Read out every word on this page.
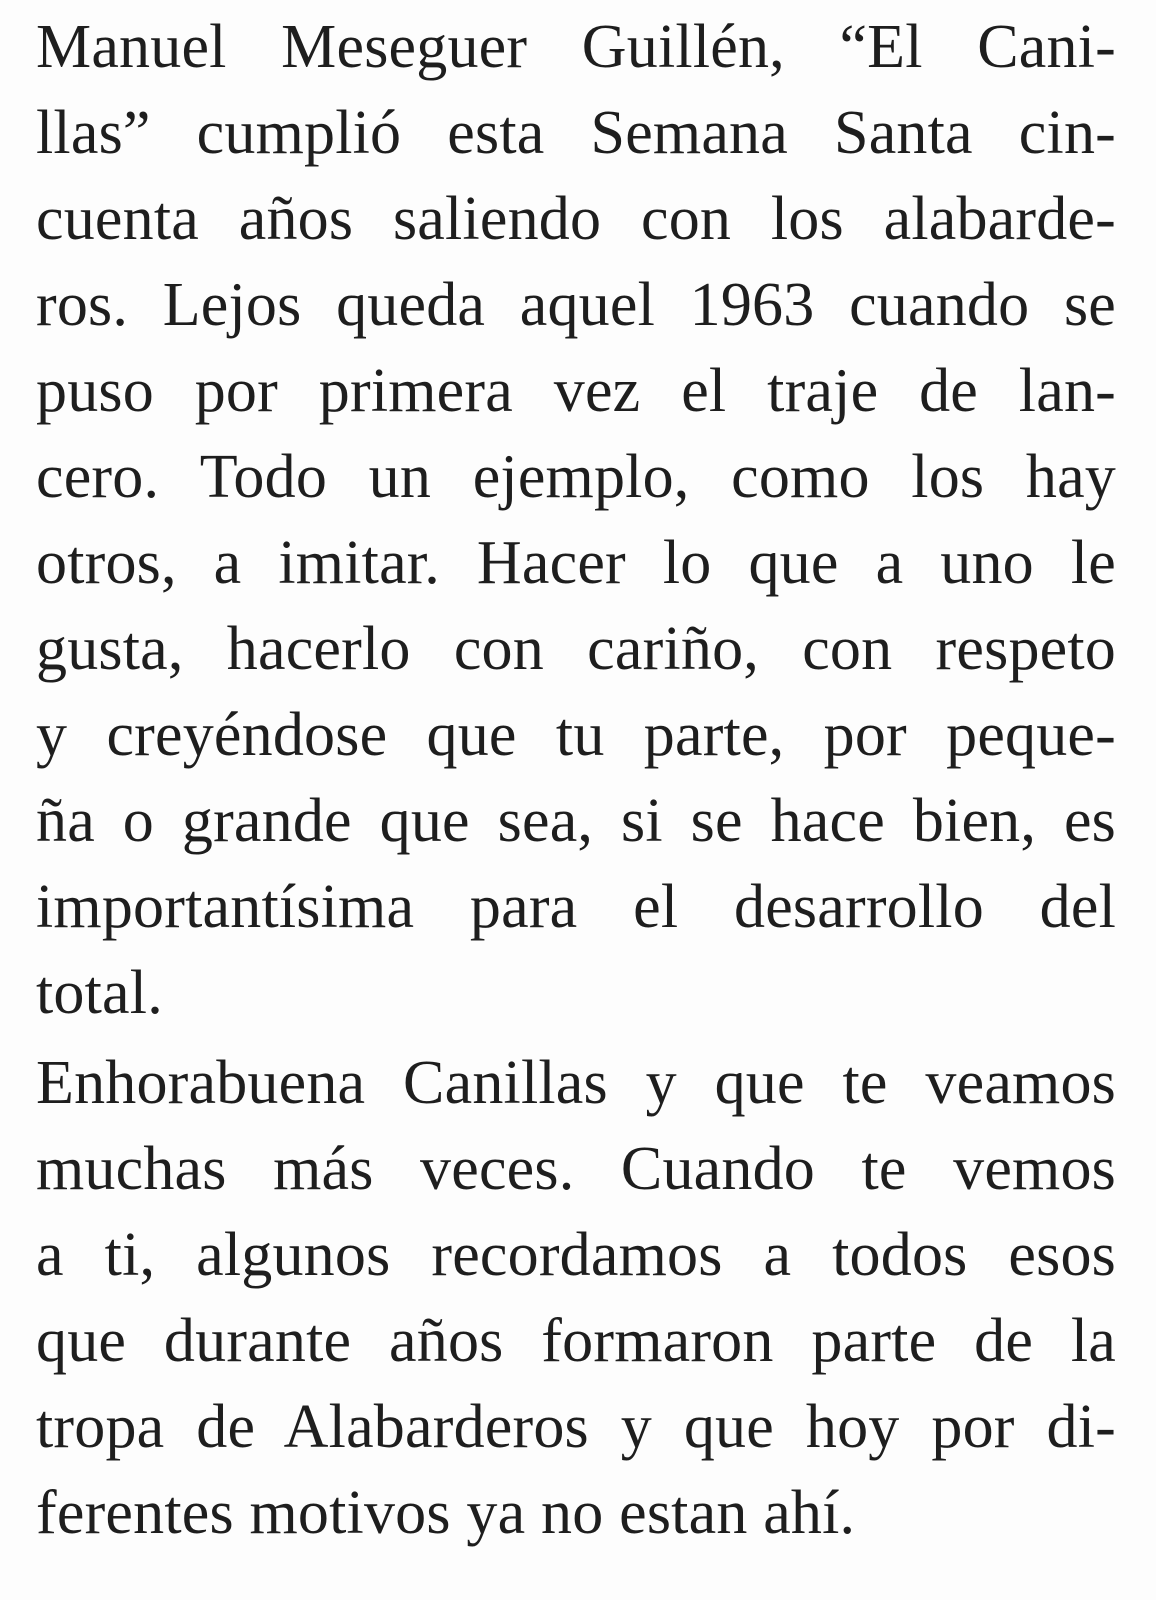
Manuel Meseguer Guillén, “El Cani-
llas” cumplió esta Semana Santa cin-
cuenta años saliendo con los alabarde-
ros. Lejos queda aquel 1963 cuando se
puso por primera vez el traje de lan-
cero. Todo un ejemplo, como los hay
otros, a imitar. Hacer lo que a uno le
gusta, hacerlo con cariño, con respeto
y creyéndose que tu parte, por peque-
ña o grande que sea, si se hace bien, es
importantísima para el desarrollo del
total.
Enhorabuena Canillas y que te veamos
muchas más veces. Cuando te vemos
a ti, algunos recordamos a todos esos
que durante años formaron parte de la
tropa de Alabarderos y que hoy por di-
ferentes motivos ya no estan ahí.
